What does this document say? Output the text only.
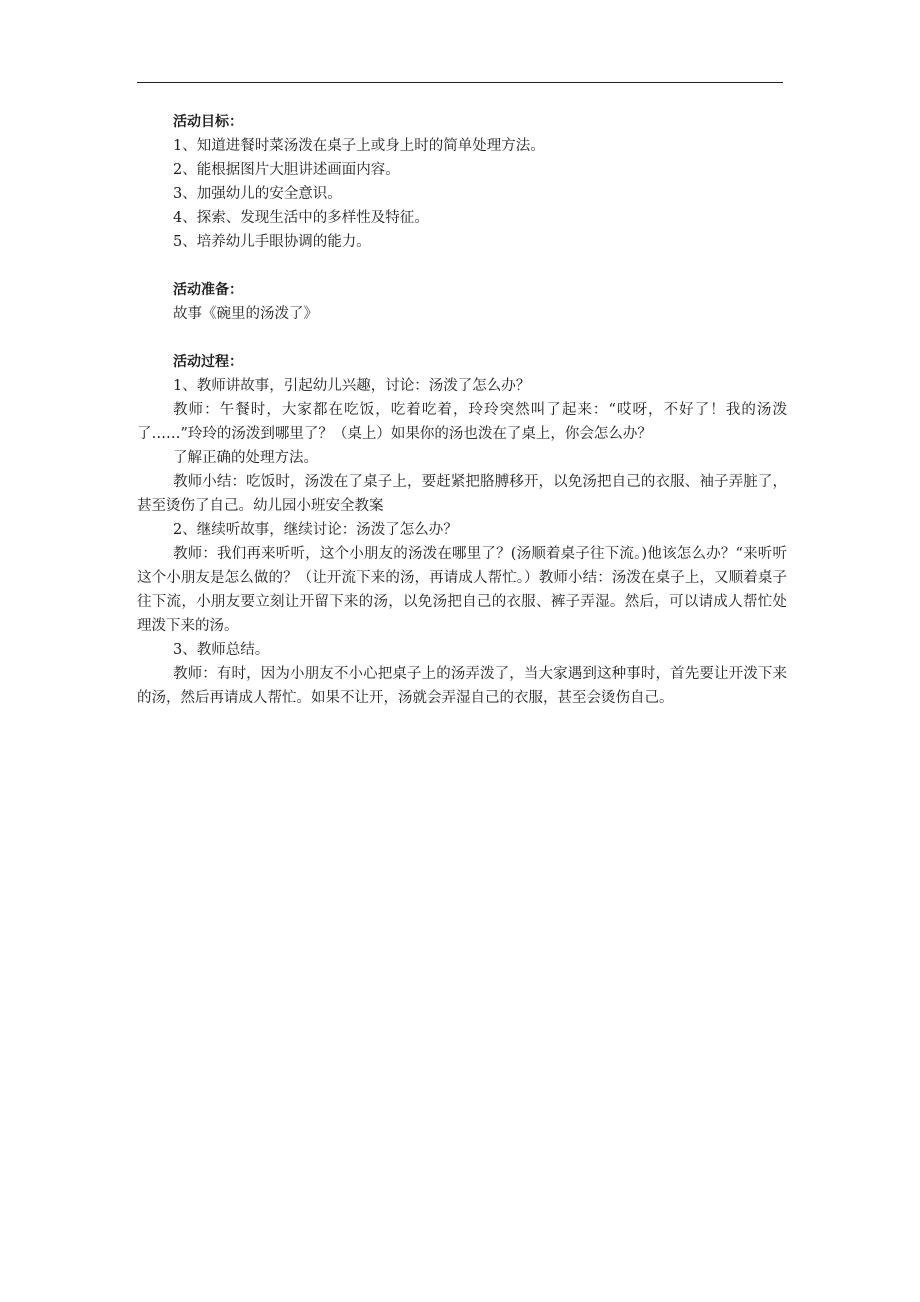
活动目标：

1、知道进餐时菜汤泼在桌子上或身上时的简单处理方法。

2、能根据图片大胆讲述画面内容。

3、加强幼儿的安全意识。

4、探索、发现生活中的多样性及特征。

5、培养幼儿手眼协调的能力。

活动准备：

故事《碗里的汤泼了》

活动过程：

1、教师讲故事，引起幼儿兴趣，讨论：汤泼了怎么办？

教师：午餐时，大家都在吃饭，吃着吃着，玲玲突然叫了起来：“哎呀，不好了！我的汤泼了……”玲玲的汤泼到哪里了？（桌上）如果你的汤也泼在了桌上，你会怎么办？

了解正确的处理方法。

教师小结：吃饭时，汤泼在了桌子上，要赶紧把胳膊移开，以免汤把自己的衣服、袖子弄脏了，甚至烫伤了自己。幼儿园小班安全教案

2、继续听故事，继续讨论：汤泼了怎么办？

教师：我们再来听听，这个小朋友的汤泼在哪里了？(汤顺着桌子往下流。)他该怎么办？“来听听这个小朋友是怎么做的？（让开流下来的汤，再请成人帮忙。）教师小结：汤泼在桌子上，又顺着桌子往下流，小朋友要立刻让开留下来的汤，以免汤把自己的衣服、裤子弄湿。然后，可以请成人帮忙处理泼下来的汤。

3、教师总结。

教师：有时，因为小朋友不小心把桌子上的汤弄泼了，当大家遇到这种事时，首先要让开泼下来的汤，然后再请成人帮忙。如果不让开，汤就会弄湿自己的衣服，甚至会烫伤自己。
